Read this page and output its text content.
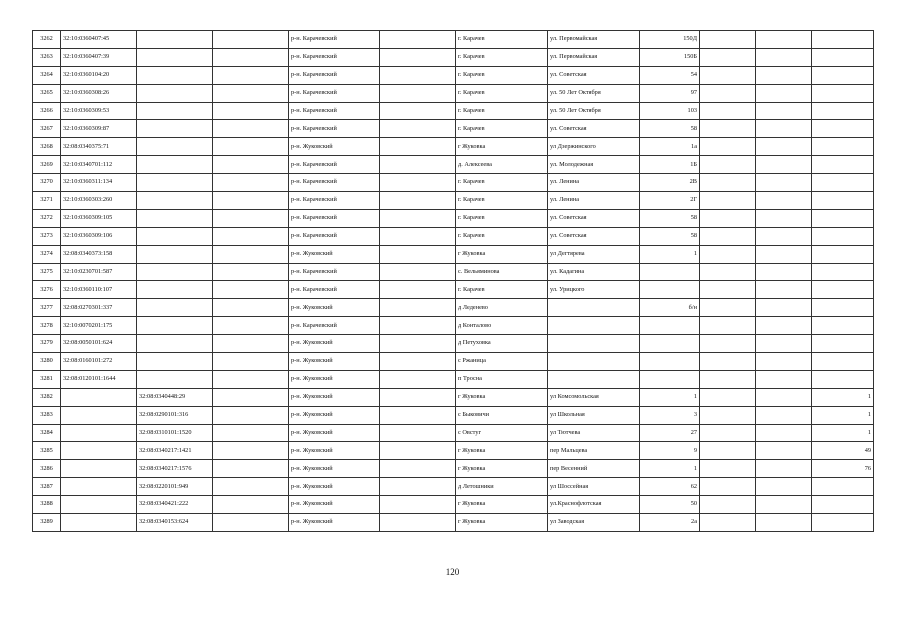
3262	32:10:0360407:45			р-н. Карачевский		г. Карачев	ул. Первомайская	150Д			
3263	32:10:0360407:39			р-н. Карачевский		г. Карачев	ул. Первомайская	150Б			
3264	32:10:0360104:20			р-н. Карачевский		г. Карачев	ул. Советская	54			
3265	32:10:0360308:26			р-н. Карачевский		г. Карачев	ул. 50 Лет Октября	97			
3266	32:10:0360309:53			р-н. Карачевский		г. Карачев	ул. 50 Лет Октября	103			
3267	32:10:0360309:87			р-н. Карачевский		г. Карачев	ул. Советская	58			
3268	32:08:0340375:71			р-н. Жуковский		г Жуковка	ул Дзержинского	1а			
3269	32:10:0340701:112			р-н. Карачевский		д. Алексеева	ул. Молодежная	1Б			
3270	32:10:0360311:134			р-н. Карачевский		г. Карачев	ул. Ленина	2В			
3271	32:10:0360303:260			р-н. Карачевский		г. Карачев	ул. Ленина	2Г			
3272	32:10:0360309:105			р-н. Карачевский		г. Карачев	ул. Советская	58			
3273	32:10:0360309:106			р-н. Карачевский		г. Карачев	ул. Советская	58			
3274	32:08:0340373:158			р-н. Жуковский		г Жуковка	ул Дегтярева	1			
3275	32:10:0230701:587			р-н. Карачевский		с. Вельяминова	ул. Кадагина				
3276	32:10:0360110:107			р-н. Карачевский		г. Карачев	ул. Урицкого				
3277	32:08:0270301:337			р-н. Жуковский		д Леденево		б/н			
3278	32:10:0070201:175			р-н. Карачевский		д Конталово					
3279	32:08:0050101:624			р-н. Жуковский		д Петуховка					
3280	32:08:0160101:272			р-н. Жуковский		с Ржаница					
3281	32:08:0120101:1644			р-н. Жуковский		п Тросна					
3282		32:08:0340448:29		р-н. Жуковский		г Жуковка	ул Комсомольская	1			1
3283		32:08:0290101:316		р-н. Жуковский		с Быковичи	ул Школьная	3			1
3284		32:08:0310101:1520		р-н. Жуковский		с Овстуг	ул Тютчева	27			1
3285		32:08:0340217:1421		р-н. Жуковский		г Жуковка	пер Мальцева	9			49
3286		32:08:0340217:1576		р-н. Жуковский		г Жуковка	пер Весенний	1			76
3287		32:08:0220101:949		р-н. Жуковский		д Летошники	ул Шоссейная	62			
3288		32:08:0340421:222		р-н. Жуковский		г Жуковка	ул.Краснофлотская	50			
3289		32:08:0340153:624		р-н. Жуковский		г Жуковка	ул Заводская	2а			
120
